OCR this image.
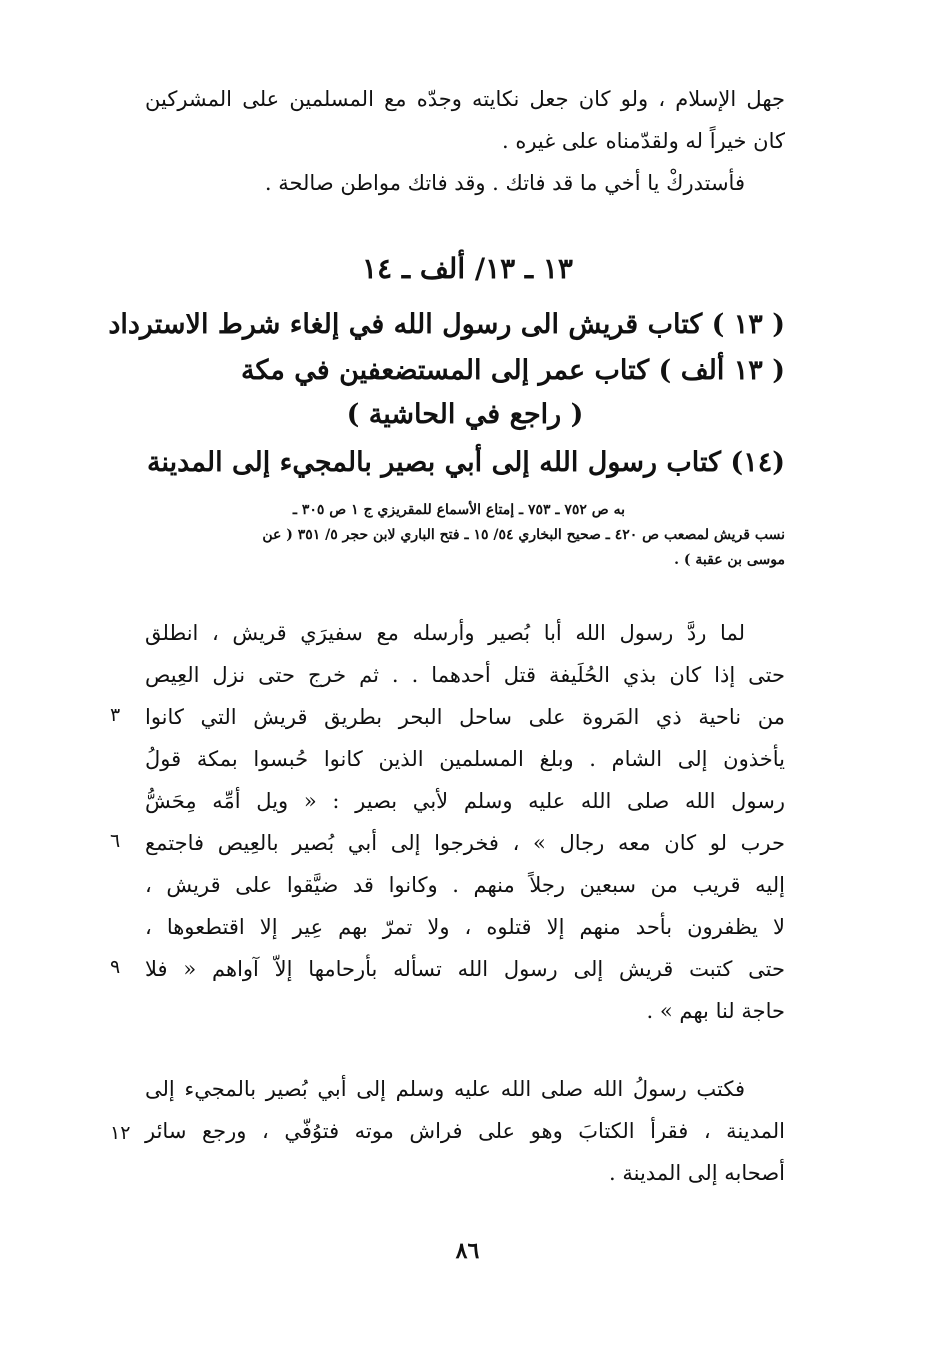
جهل الإسلام ، ولو كان جعل نكايته وجدّه مع المسلمين على المشركين
كان خيراً له ولقدّمناه على غيره .
فأستدركْ يا أخي ما قد فاتك . وقد فاتك مواطن صالحة .
١٣ ـ ١٣/ ألف ـ ١٤
( ١٣ ) كتاب قريش الى رسول الله في إلغاء شرط الاسترداد
( ١٣ ألف ) كتاب عمر إلى المستضعفين في مكة
( راجع في الحاشية )
(١٤) كتاب رسول الله إلى أبي بصير بالمجيء إلى المدينة
به ص ٧٥٢ ـ ٧٥٣ ـ إمتاع الأسماع للمقريزي ج ١ ص ٣٠٥ ـ
نسب قريش لمصعب ص ٤٢٠ ـ صحيح البخاري ٥٤/ ١٥ ـ فتح الباري لابن حجر ٥/ ٣٥١ ( عن
موسى بن عقبة ) .
لما ردَّ رسول الله أبا بُصير وأرسله مع سفيرَي قريش ، انطلق
حتى إذا كان بذي الحُلَيفة قتل أحدهما . . ثم خرج حتى نزل العِيص
من ناحية ذي المَروة على ساحل البحر بطريق قريش التي كانوا
يأخذون إلى الشام . وبلغ المسلمين الذين كانوا حُبسوا بمكة قولُ
رسول الله صلى الله عليه وسلم لأبي بصير : « ويل أمِّه مِحَشُّ
حرب لو كان معه رجال » ، فخرجوا إلى أبي بُصير بالعِيص فاجتمع
إليه قريب من سبعين رجلاً منهم . وكانوا قد ضيَّقوا على قريش ،
لا يظفرون بأحد منهم إلا قتلوه ، ولا تمرّ بهم عِير إلا اقتطعوها ،
حتى كتبت قريش إلى رسول الله تسأله بأرحامها إلاّ آواهم « فلا
حاجة لنا بهم » .
فكتب رسولُ الله صلى الله عليه وسلم إلى أبي بُصير بالمجيء إلى
المدينة ، فقرأ الكتابَ وهو على فراش موته فتوُفّي ، ورجع سائر
أصحابه إلى المدينة .
٣
٦
٩
١٢
٨٦
